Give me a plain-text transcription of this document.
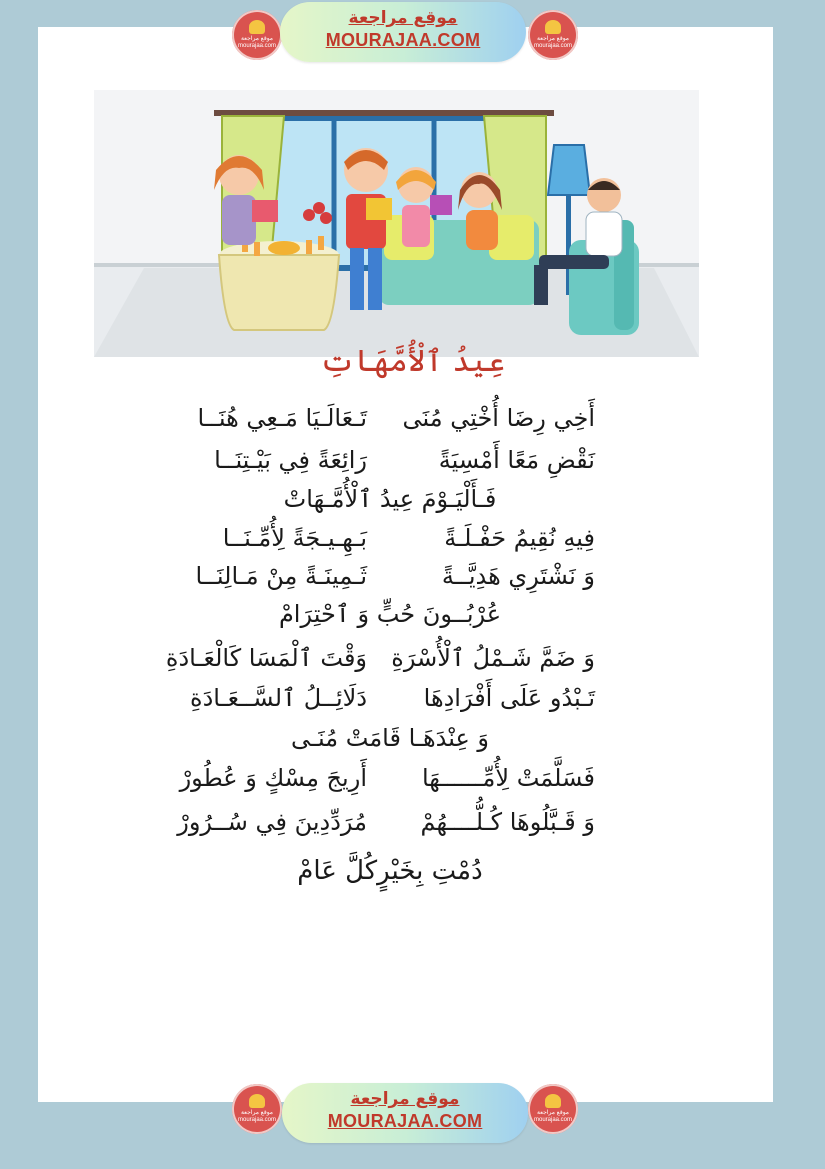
موقع مراجعة
mourajaa.com
موقع مراجعة
MOURAJAA.COM	موقع مراجعة
mourajaa.com
عِيدُ ٱلْأُمَّهَاتِ
أَخِي رِضَا أُخْتِي مُنَى
تَـعَالَـيَا مَـعِي هُنَــا
نَقْضِ مَعًا أَمْسِيَةً
رَائِعَةً فِي بَيْـتِنَــا
فَـأَلْيَـوْمَ عِيدُ ٱلْأُمَّـهَاتْ
فِيهِ نُقِيمُ حَفْـلَـةً
بَـهِـيـجَةً لِأُمِّـنَــا
وَ نَشْتَرِي هَدِيَّــةً
ثَـمِينَـةً مِنْ مَـالِنَــا
عُرْبُــونَ حُبٍّ وَ ٱحْتِرَامْ
وَ ضَمَّ شَـمْلُ ٱلْأُسْرَةِ
وَقْتَ ٱلْمَسَا كَالْعَـادَةِ
تَـبْدُو عَلَى أَفْرَادِهَا
دَلَائِــلُ ٱلسَّــعَـادَةِ
وَ عِنْدَهَـا قَامَتْ مُنَـى
فَسَلَّمَتْ لِأُمِّــــــهَا
أَرِيجَ مِسْكٍ وَ عُطُورْ
وَ قَـبَّلُوهَا كُـلُّــــهُمْ
مُرَدِّدِينَ فِي سُــرُورْ
دُمْتِ بِخَيْرٍكُلَّ عَامْ
موقع مراجعة
mourajaa.com
موقع مراجعة
MOURAJAA.COM	موقع مراجعة
mourajaa.com
